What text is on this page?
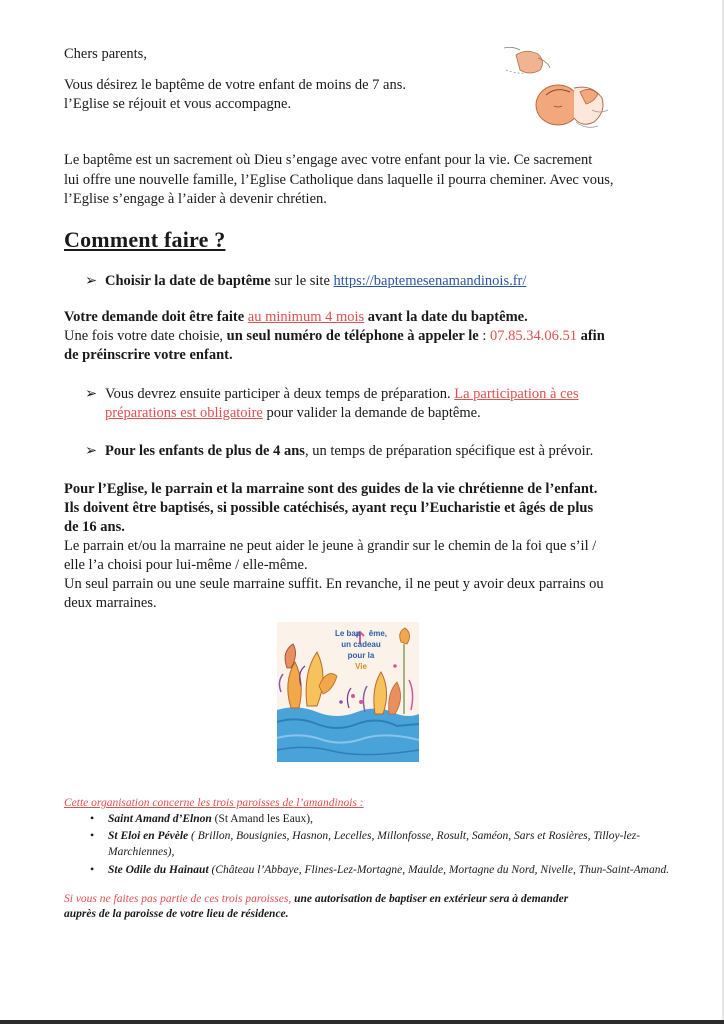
Chers parents,
Vous désirez le baptême de votre enfant de moins de 7 ans.
l’Eglise se réjouit et vous accompagne.
Le baptême est un sacrement où Dieu s’engage avec votre enfant pour la vie. Ce sacrement
lui offre une nouvelle famille, l’Eglise Catholique dans laquelle il pourra cheminer. Avec vous,
l’Eglise s’engage à l’aider à devenir chrétien.
Comment faire ?
➢ Choisir la date de baptême sur le site https://baptemesenamandinois.fr/
Votre demande doit être faite au minimum 4 mois avant la date du baptême.
Une fois votre date choisie, un seul numéro de téléphone à appeler le : 07.85.34.06.51 afin
de préinscrire votre enfant.
➢ Vous devrez ensuite participer à deux temps de préparation. La participation à ces
préparations est obligatoire pour valider la demande de baptême.
➢ Pour les enfants de plus de 4 ans, un temps de préparation spécifique est à prévoir.
Pour l’Eglise, le parrain et la marraine sont des guides de la vie chrétienne de l’enfant.
Ils doivent être baptisés, si possible catéchisés, ayant reçu l’Eucharistie et âgés de plus
de 16 ans.
Le parrain et/ou la marraine ne peut aider le jeune à grandir sur le chemin de la foi que s’il /
elle l’a choisi pour lui-même / elle-même.
Un seul parrain ou une seule marraine suffit. En revanche, il ne peut y avoir deux parrains ou
deux marraines.
Le bap ême,
un cadeau
pour la
Vie
Cette organisation concerne les trois paroisses de l’amandinois :
•	Saint Amand d’Elnon (St Amand les Eaux),
•	St Eloi en Pévèle ( Brillon, Bousignies, Hasnon, Lecelles, Millonfosse, Rosult, Saméon, Sars et Rosières, Tilloy-lez-
Marchiennes),
•	Ste Odile du Hainaut (Château l’Abbaye, Flines-Lez-Mortagne, Maulde, Mortagne du Nord, Nivelle, Thun-Saint-Amand.
Si vous ne faites pas partie de ces trois paroisses, une autorisation de baptiser en extérieur sera à demander
auprès de la paroisse de votre lieu de résidence.
